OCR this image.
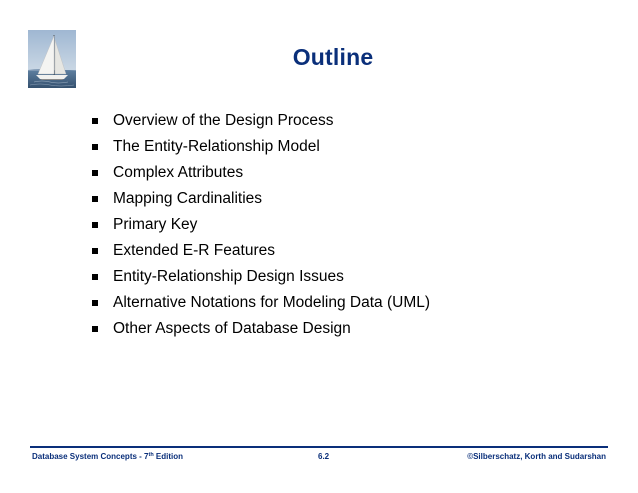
Outline
Overview of the Design Process
The Entity-Relationship Model
Complex Attributes
Mapping Cardinalities
Primary Key
Extended E-R Features
Entity-Relationship Design Issues
Alternative Notations for Modeling Data (UML)
Other Aspects of Database Design
Database System Concepts - 7th Edition	6.2	©Silberschatz, Korth and Sudarshan
